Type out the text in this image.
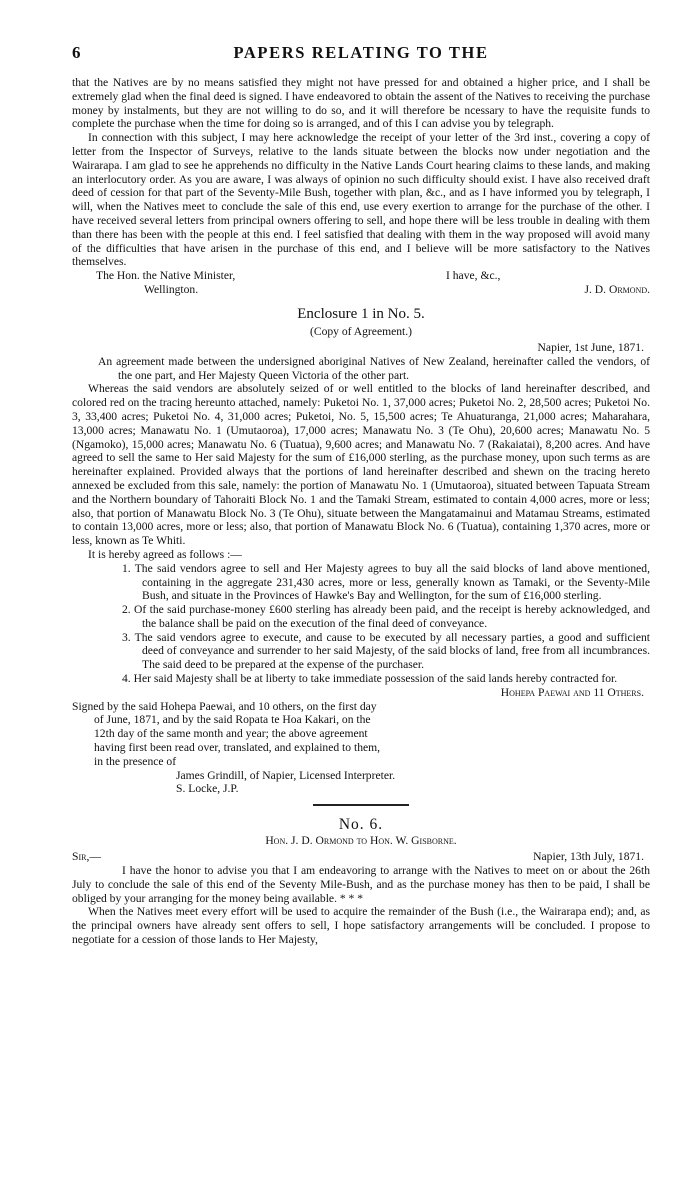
6	PAPERS RELATING TO THE

that the Natives are by no means satisfied they might not have pressed for and obtained a higher price, and I shall be extremely glad when the final deed is signed. I have endeavored to obtain the assent of the Natives to receiving the purchase money by instalments, but they are not willing to do so, and it will therefore be ncessary to have the requisite funds to complete the purchase when the time for doing so is arranged, and of this I can advise you by telegraph.

In connection with this subject, I may here acknowledge the receipt of your letter of the 3rd inst., covering a copy of letter from the Inspector of Surveys, relative to the lands situate between the blocks now under negotiation and the Wairarapa. I am glad to see he apprehends no difficulty in the Native Lands Court hearing claims to these lands, and making an interlocutory order. As you are aware, I was always of opinion no such difficulty should exist. I have also received draft deed of cession for that part of the Seventy-Mile Bush, together with plan, &c., and as I have informed you by telegraph, I will, when the Natives meet to conclude the sale of this end, use every exertion to arrange for the purchase of the other. I have received several letters from principal owners offering to sell, and hope there will be less trouble in dealing with them than there has been with the people at this end. I feel satisfied that dealing with them in the way proposed will avoid many of the difficulties that have arisen in the purchase of this end, and I believe will be more satisfactory to the Natives themselves.

The Hon. the Native Minister,
Wellington.
I have, &c.,
J. D. Ormond.
Enclosure 1 in No. 5.
(Copy of Agreement.)
Napier, 1st June, 1871.

An agreement made between the undersigned aboriginal Natives of New Zealand, hereinafter called the vendors, of the one part, and Her Majesty Queen Victoria of the other part.

Whereas the said vendors are absolutely seized of or well entitled to the blocks of land hereinafter described, and colored red on the tracing hereunto attached, namely: Puketoi No. 1, 37,000 acres; Puketoi No. 2, 28,500 acres; Puketoi No. 3, 33,400 acres; Puketoi No. 4, 31,000 acres; Puketoi, No. 5, 15,500 acres; Te Ahuaturanga, 21,000 acres; Maharahara, 13,000 acres; Manawatu No. 1 (Umutaoroa), 17,000 acres; Manawatu No. 3 (Te Ohu), 20,600 acres; Manawatu No. 5 (Ngamoko), 15,000 acres; Manawatu No. 6 (Tuatua), 9,600 acres; and Manawatu No. 7 (Rakaiatai), 8,200 acres. And have agreed to sell the same to Her said Majesty for the sum of £16,000 sterling, as the purchase money, upon such terms as are hereinafter explained. Provided always that the portions of land hereinafter described and shewn on the tracing hereto annexed be excluded from this sale, namely: the portion of Manawatu No. 1 (Umutaoroa), situated between Tapuata Stream and the Northern boundary of Tahoraiti Block No. 1 and the Tamaki Stream, estimated to contain 4,000 acres, more or less; also, that portion of Manawatu Block No. 3 (Te Ohu), situate between the Mangatamainui and Matamau Streams, estimated to contain 13,000 acres, more or less; also, that portion of Manawatu Block No. 6 (Tuatua), containing 1,370 acres, more or less, known as Te Whiti.

It is hereby agreed as follows :—

1. The said vendors agree to sell and Her Majesty agrees to buy all the said blocks of land above mentioned, containing in the aggregate 231,430 acres, more or less, generally known as Tamaki, or the Seventy-Mile Bush, and situate in the Provinces of Hawke's Bay and Wellington, for the sum of £16,000 sterling.

2. Of the said purchase-money £600 sterling has already been paid, and the receipt is hereby acknowledged, and the balance shall be paid on the execution of the final deed of conveyance.

3. The said vendors agree to execute, and cause to be executed by all necessary parties, a good and sufficient deed of conveyance and surrender to her said Majesty, of the said blocks of land, free from all incumbrances. The said deed to be prepared at the expense of the purchaser.

4. Her said Majesty shall be at liberty to take immediate possession of the said lands hereby contracted for.

Hohepa Paewai and 11 Others.
Signed by the said Hohepa Paewai, and 10 others, on the first day
of June, 1871, and by the said Ropata te Hoa Kakari, on the
12th day of the same month and year; the above agreement
having first been read over, translated, and explained to them,
in the presence of
James Grindill, of Napier, Licensed Interpreter.
S. Locke, J.P.
No. 6.
Hon. J. D. Ormond to Hon. W. Gisborne.
Sir,—	Napier, 13th July, 1871.

I have the honor to advise you that I am endeavoring to arrange with the Natives to meet on or about the 26th July to conclude the sale of this end of the Seventy Mile-Bush, and as the purchase money has then to be paid, I shall be obliged by your arranging for the money being available. * * *

When the Natives meet every effort will be used to acquire the remainder of the Bush (i.e., the Wairarapa end); and, as the principal owners have already sent offers to sell, I hope satisfactory arrangements will be concluded. I propose to negotiate for a cession of those lands to Her Majesty,
